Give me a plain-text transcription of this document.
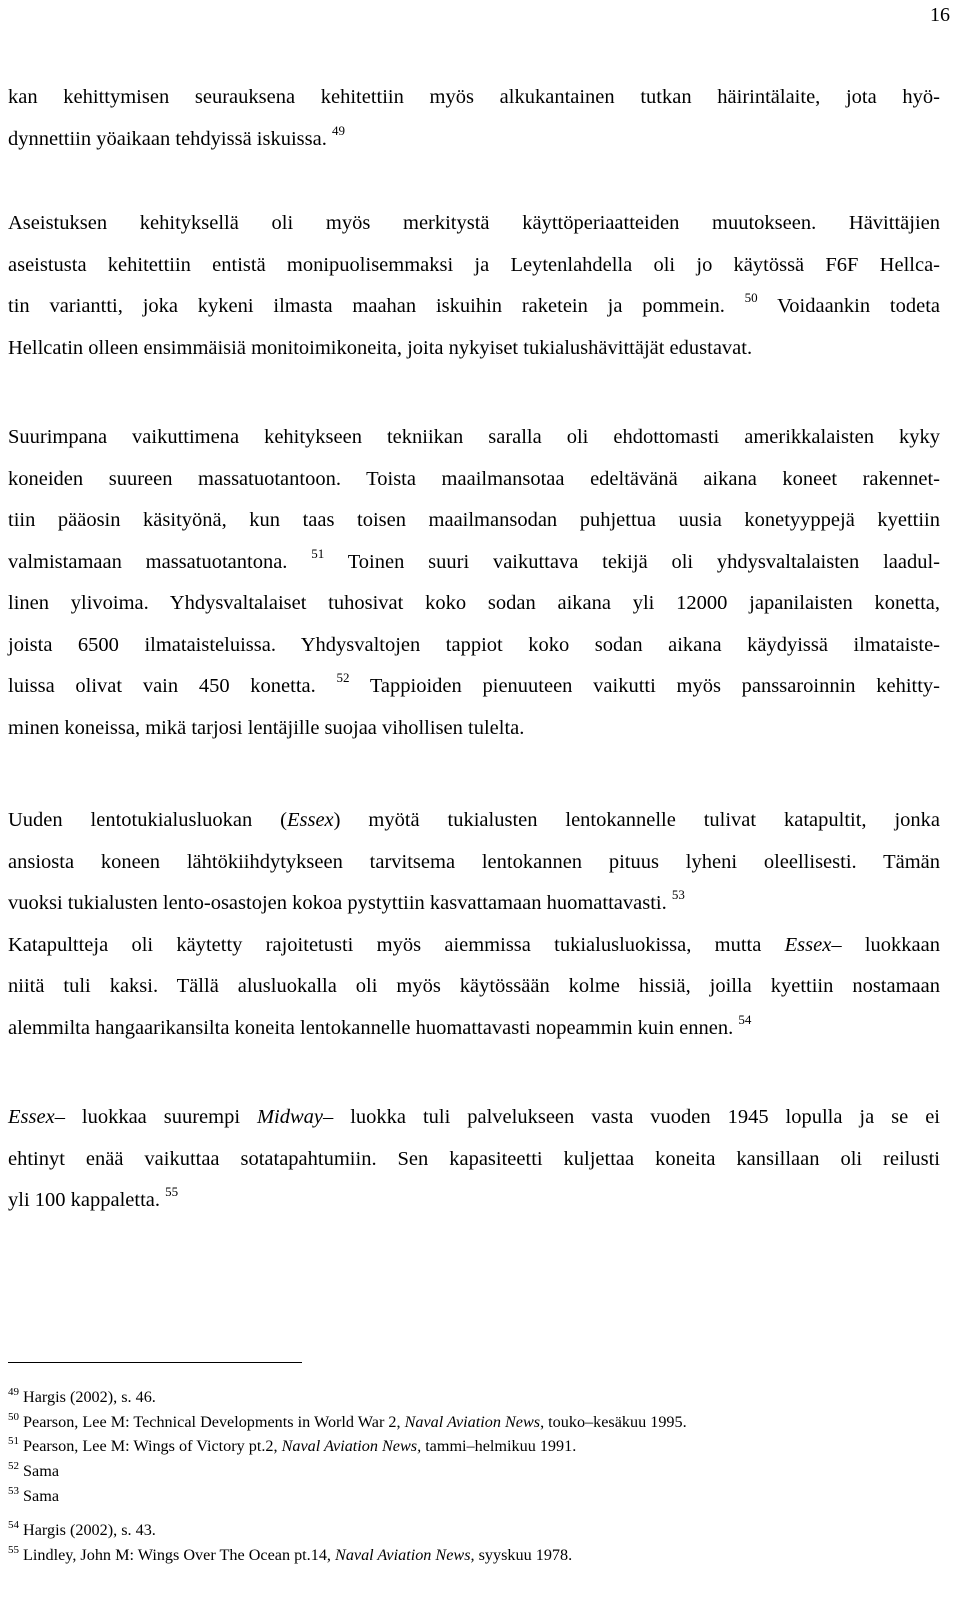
16

kan kehittymisen seurauksena kehitettiin myös alkukantainen tutkan häirintälaite, jota hyö-
dynnettiin yöaikaan tehdyissä iskuissa. $^{49}$

Aseistuksen kehityksellä oli myös merkitystä käyttöperiaatteiden muutokseen. Hävittäjien
aseistusta kehitettiin entistä monipuolisemmaksi ja Leytenlahdella oli jo käytössä F6F Hellca-
tin variantti, joka kykeni ilmasta maahan iskuihin raketein ja pommein. $^{50}$ Voidaankin todeta
Hellcatin olleen ensimmäisiä monitoimikoneita, joita nykyiset tukialushävittäjät edustavat.

Suurimpana vaikuttimena kehitykseen tekniikan saralla oli ehdottomasti amerikkalaisten kyky
koneiden suureen massatuotantoon. Toista maailmansotaa edeltävänä aikana koneet rakennet-
tiin pääosin käsityönä, kun taas toisen maailmansodan puhjettua uusia konetyyppejä kyettiin
valmistamaan massatuotantona. $^{51}$ Toinen suuri vaikuttava tekijä oli yhdysvaltalaisten laadul-
linen ylivoima. Yhdysvaltalaiset tuhosivat koko sodan aikana yli 12000 japanilaisten konetta,
joista 6500 ilmataisteluissa. Yhdysvaltojen tappiot koko sodan aikana käydyissä ilmataiste-
luissa olivat vain 450 konetta. $^{52}$ Tappioiden pienuuteen vaikutti myös panssaroinnin kehitty-
minen koneissa, mikä tarjosi lentäjille suojaa vihollisen tulelta.

Uuden lentotukialusluokan (Essex) myötä tukialusten lentokannelle tulivat katapultit, jonka
ansiosta koneen lähtökiihdytykseen tarvitsema lentokannen pituus lyheni oleellisesti. Tämän
vuoksi tukialusten lento-osastojen kokoa pystyttiin kasvattamaan huomattavasti. $^{53}$
Katapultteja oli käytetty rajoitetusti myös aiemmissa tukialusluokissa, mutta Essex– luokkaan
niitä tuli kaksi. Tällä alusluokalla oli myös käytössään kolme hissiä, joilla kyettiin nostamaan
alemmilta hangaarikansilta koneita lentokannelle huomattavasti nopeammin kuin ennen. $^{54}$

Essex– luokkaa suurempi Midway– luokka tuli palvelukseen vasta vuoden 1945 lopulla ja se ei
ehtinyt enää vaikuttaa sotatapahtumiin. Sen kapasiteetti kuljettaa koneita kansillaan oli reilusti
yli 100 kappaletta. $^{55}$

$^{49}$ Hargis (2002), s. 46.
$^{50}$ Pearson, Lee M: Technical Developments in World War 2, Naval Aviation News, touko–kesäkuu 1995.
$^{51}$ Pearson, Lee M: Wings of Victory pt.2, Naval Aviation News, tammi–helmikuu 1991.
$^{52}$ Sama
$^{53}$ Sama
$^{54}$ Hargis (2002), s. 43.
$^{55}$ Lindley, John M: Wings Over The Ocean pt.14, Naval Aviation News, syyskuu 1978.
